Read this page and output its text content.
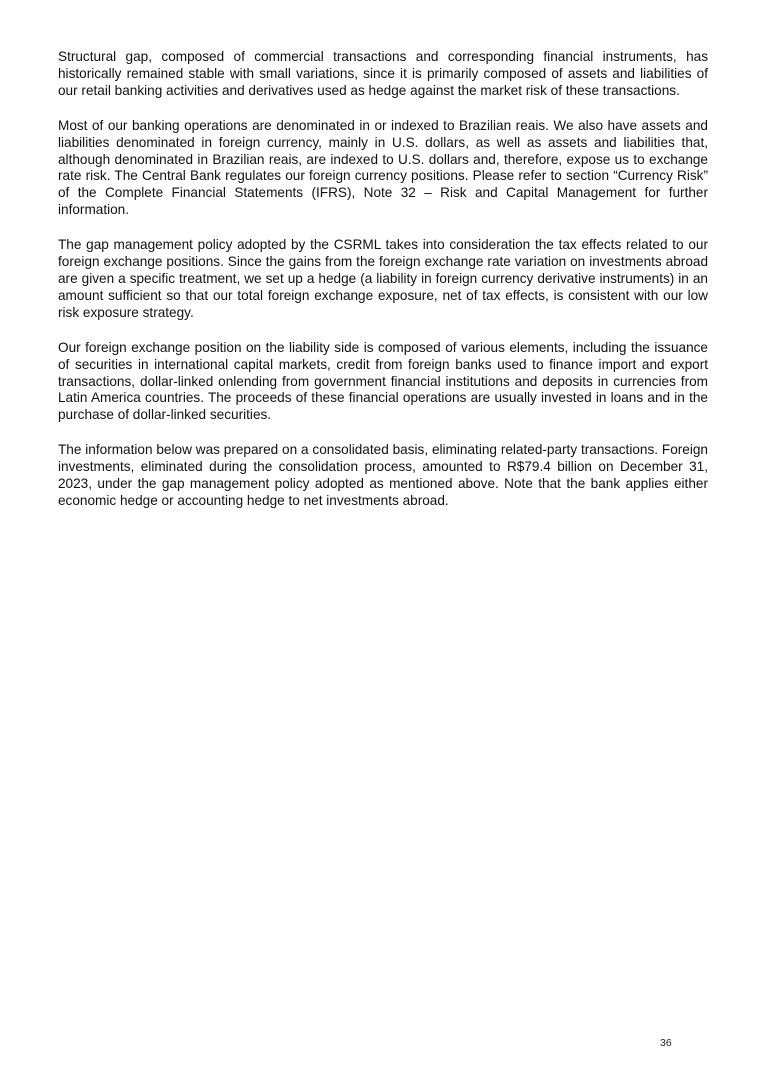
Structural gap, composed of commercial transactions and corresponding financial instruments, has historically remained stable with small variations, since it is primarily composed of assets and liabilities of our retail banking activities and derivatives used as hedge against the market risk of these transactions.

Most of our banking operations are denominated in or indexed to Brazilian reais. We also have assets and liabilities denominated in foreign currency, mainly in U.S. dollars, as well as assets and liabilities that, although denominated in Brazilian reais, are indexed to U.S. dollars and, therefore, expose us to exchange rate risk. The Central Bank regulates our foreign currency positions. Please refer to section “Currency Risk” of the Complete Financial Statements (IFRS), Note 32 – Risk and Capital Management for further information.

The gap management policy adopted by the CSRML takes into consideration the tax effects related to our foreign exchange positions. Since the gains from the foreign exchange rate variation on investments abroad are given a specific treatment, we set up a hedge (a liability in foreign currency derivative instruments) in an amount sufficient so that our total foreign exchange exposure, net of tax effects, is consistent with our low risk exposure strategy.

Our foreign exchange position on the liability side is composed of various elements, including the issuance of securities in international capital markets, credit from foreign banks used to finance import and export transactions, dollar-linked onlending from government financial institutions and deposits in currencies from Latin America countries. The proceeds of these financial operations are usually invested in loans and in the purchase of dollar-linked securities.

The information below was prepared on a consolidated basis, eliminating related-party transactions. Foreign investments, eliminated during the consolidation process, amounted to R$79.4 billion on December 31, 2023, under the gap management policy adopted as mentioned above. Note that the bank applies either economic hedge or accounting hedge to net investments abroad.

36
